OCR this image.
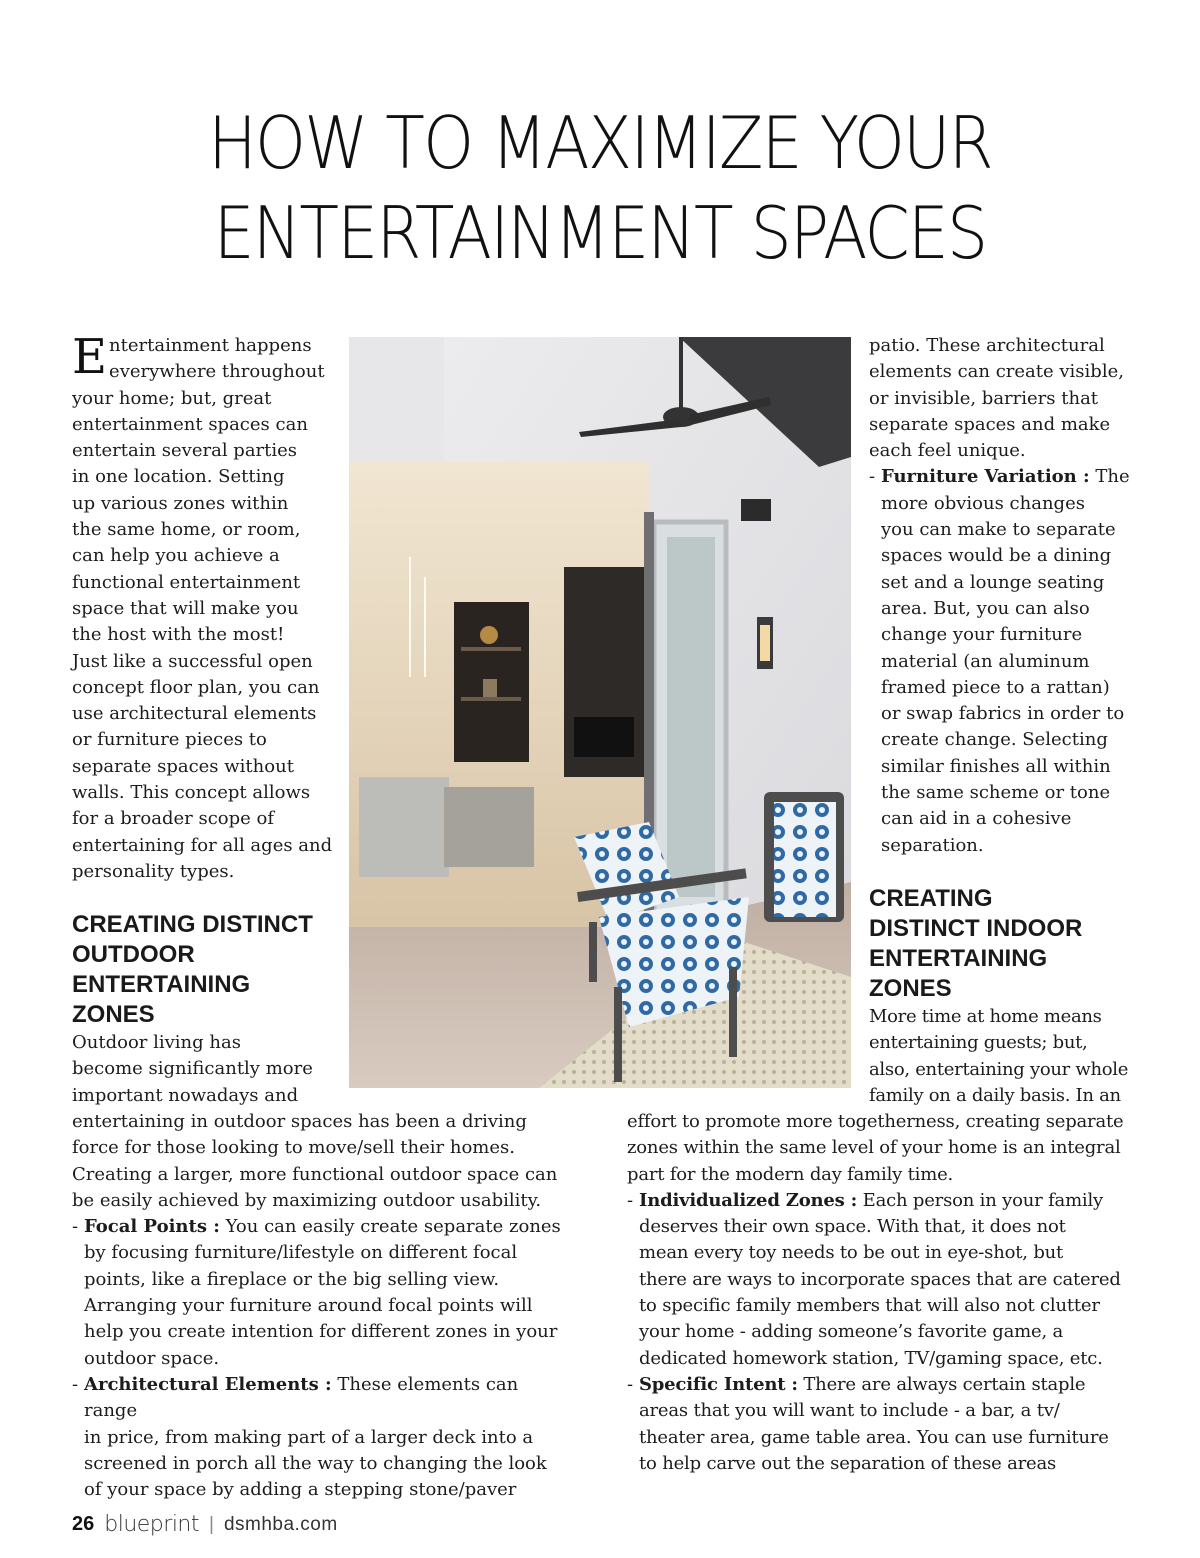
HOW TO MAXIMIZE YOUR
ENTERTAINMENT SPACES
E ntertainment happens
everywhere throughout
your home; but, great
entertainment spaces can
entertain several parties
in one location. Setting
up various zones within
the same home, or room,
can help you achieve a
functional entertainment
space that will make you
the host with the most!
Just like a successful open
concept floor plan, you can
use architectural elements
or furniture pieces to
separate spaces without
walls. This concept allows
for a broader scope of
entertaining for all ages and
personality types.
CREATING DISTINCT
OUTDOOR
ENTERTAINING
ZONES
Outdoor living has
become significantly more
important nowadays and
entertaining in outdoor spaces has been a driving
force for those looking to move/sell their homes.
Creating a larger, more functional outdoor space can
be easily achieved by maximizing outdoor usability.
- Focal Points : You can easily create separate zones
by focusing furniture/lifestyle on different focal
points, like a fireplace or the big selling view.
Arranging your furniture around focal points will
help you create intention for different zones in your
outdoor space.
- Architectural Elements : These elements can range
in price, from making part of a larger deck into a
screened in porch all the way to changing the look
of your space by adding a stepping stone/paver
patio. These architectural
elements can create visible,
or invisible, barriers that
separate spaces and make
each feel unique.
- Furniture Variation : The
more obvious changes
you can make to separate
spaces would be a dining
set and a lounge seating
area. But, you can also
change your furniture
material (an aluminum
framed piece to a rattan)
or swap fabrics in order to
create change. Selecting
similar finishes all within
the same scheme or tone
can aid in a cohesive
separation.
CREATING
DISTINCT INDOOR
ENTERTAINING
ZONES
More time at home means
entertaining guests; but,
also, entertaining your whole
family on a daily basis. In an
effort to promote more togetherness, creating separate
zones within the same level of your home is an integral
part for the modern day family time.
- Individualized Zones : Each person in your family
deserves their own space. With that, it does not
mean every toy needs to be out in eye-shot, but
there are ways to incorporate spaces that are catered
to specific family members that will also not clutter
your home - adding someone’s favorite game, a
dedicated homework station, TV/gaming space, etc.
- Specific Intent : There are always certain staple
areas that you will want to include - a bar, a tv/
theater area, game table area. You can use furniture
to help carve out the separation of these areas
26 blueprint | dsmhba.com
